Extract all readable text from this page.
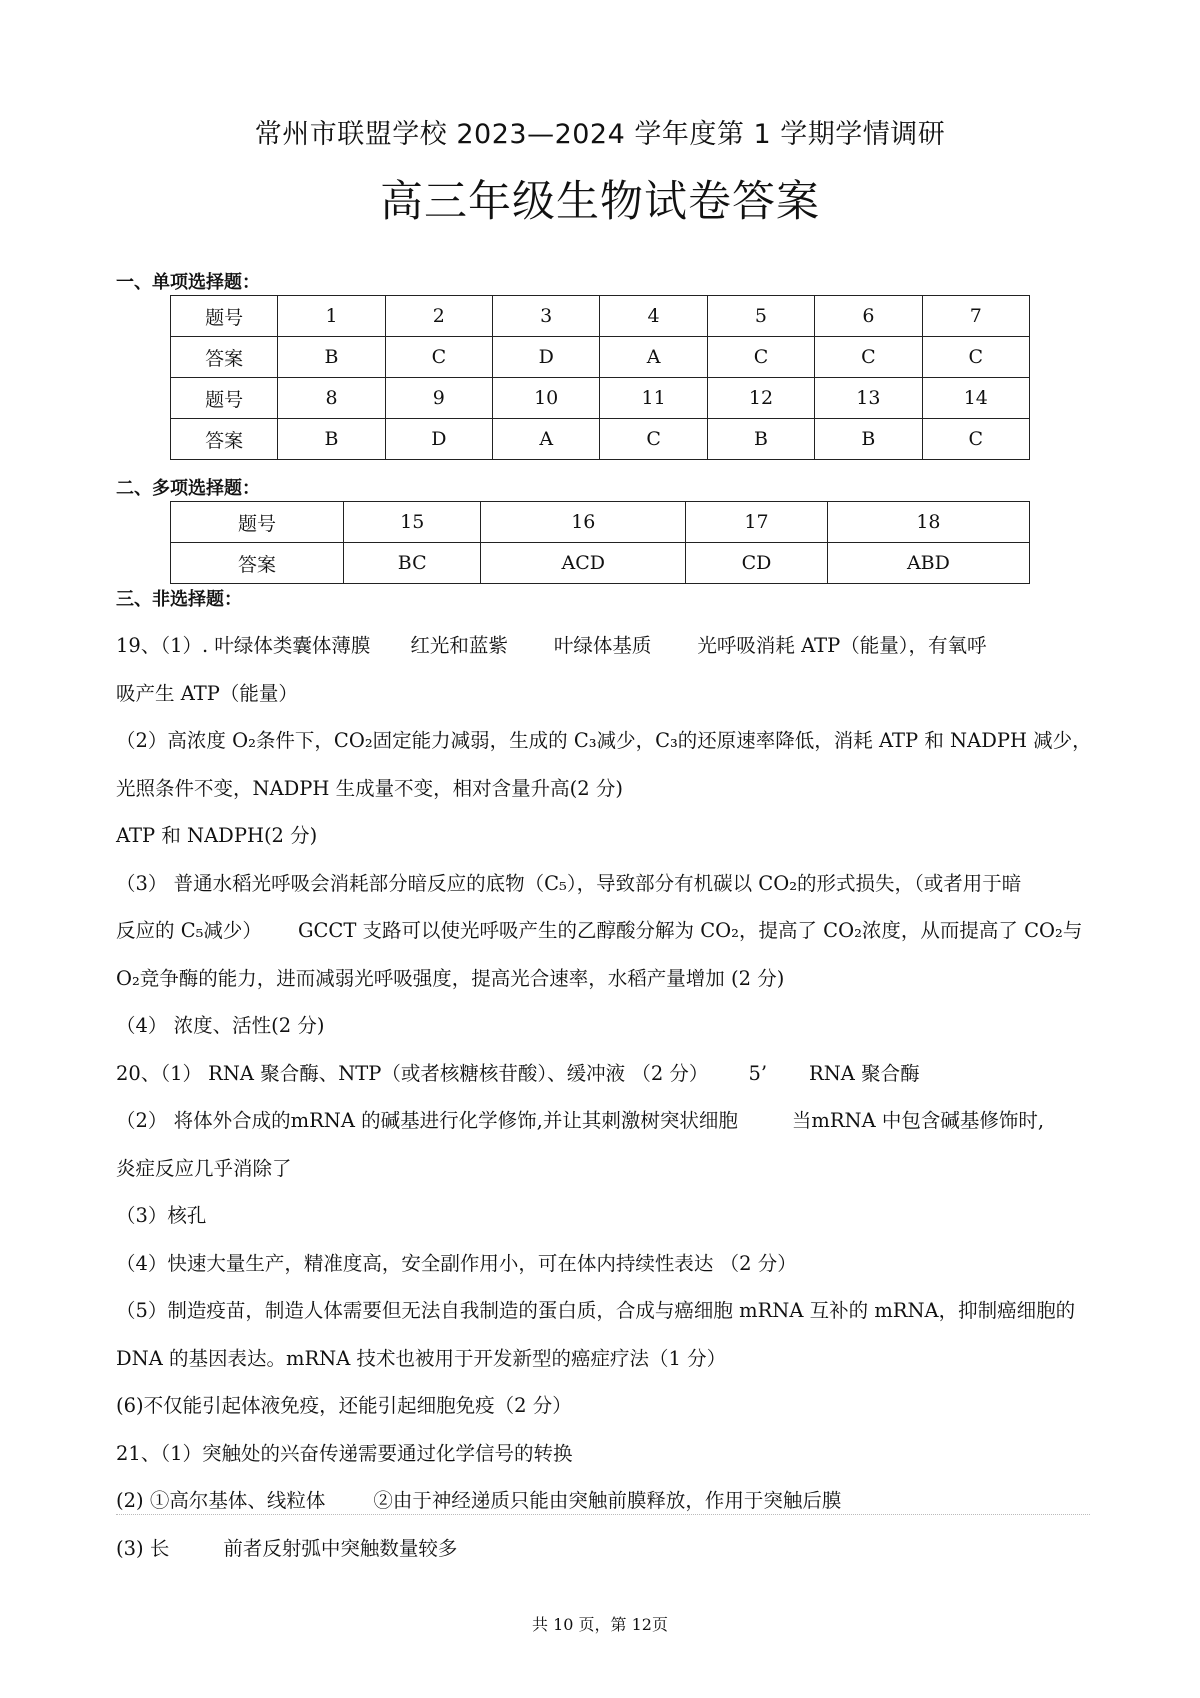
常州市联盟学校 2023—2024 学年度第 1 学期学情调研
高三年级生物试卷答案
一、单项选择题：
题号	1	2	3	4	5	6	7
答案	B	C	D	A	C	C	C
题号	8	9	10	11	12	13	14
答案	B	D	A	C	B	B	C
二、多项选择题：
题号	15	16	17	18
答案	BC	ACD	CD	ABD
三、非选择题：
19、（1）. 叶绿体类囊体薄膜 红光和蓝紫 叶绿体基质 光呼吸消耗 ATP（能量），有氧呼
吸产生 ATP（能量）
（2）高浓度 O₂条件下，CO₂固定能力减弱，生成的 C₃减少，C₃的还原速率降低，消耗 ATP 和 NADPH 减少，
光照条件不变，NADPH 生成量不变，相对含量升高(2 分)
ATP 和 NADPH(2 分)
（3） 普通水稻光呼吸会消耗部分暗反应的底物（C₅），导致部分有机碳以 CO₂的形式损失，（或者用于暗
反应的 C₅减少） GCCT 支路可以使光呼吸产生的乙醇酸分解为 CO₂，提高了 CO₂浓度，从而提高了 CO₂与
O₂竞争酶的能力，进而减弱光呼吸强度，提高光合速率，水稻产量增加 (2 分)
（4） 浓度、活性(2 分)
20、（1） RNA 聚合酶、NTP（或者核糖核苷酸）、缓冲液 （2 分） 5’ RNA 聚合酶
（2） 将体外合成的mRNA 的碱基进行化学修饰,并让其刺激树突状细胞	当mRNA 中包含碱基修饰时,
炎症反应几乎消除了
（3）核孔
（4）快速大量生产，精准度高，安全副作用小，可在体内持续性表达 （2 分）
（5）制造疫苗，制造人体需要但无法自我制造的蛋白质，合成与癌细胞 mRNA 互补的 mRNA，抑制癌细胞的
DNA 的基因表达。mRNA 技术也被用于开发新型的癌症疗法（1 分）
(6)不仅能引起体液免疫，还能引起细胞免疫（2 分）
21、（1）突触处的兴奋传递需要通过化学信号的转换
(2) ①高尔基体、线粒体 ②由于神经递质只能由突触前膜释放，作用于突触后膜
(3) 长	前者反射弧中突触数量较多
共 10 页，第 12页
